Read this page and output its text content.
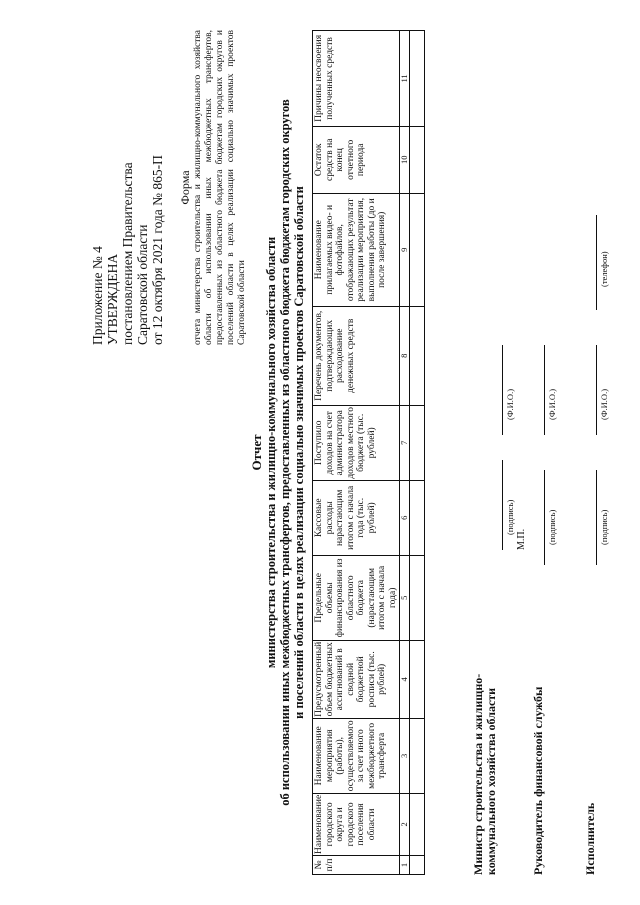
Приложение № 4 УТВЕРЖДЕНА постановлением Правительства Саратовской области от 12 октября 2021 года № 865-П Форма отчета министерства строительства и жилищно-коммунального хозяйства области об использовании иных межбюджетных трансфертов, предоставленных из областного бюджета бюджетам городских округов и поселений области в целях реализации социально значимых проектов Саратовской области
Отчет министерства строительства и жилищно-коммунального хозяйства области об использовании иных межбюджетных трансфертов, предоставленных из областного бюджета бюджетам городских округов и поселений области в целях реализации социально значимых проектов Саратовской области
№ п/п	Наименование городского округа и городского поселения области	Наименование мероприятия (работы), осуществляемого за счет иного межбюджетного трансферта	Предусмотренный объем бюджетных ассигнований в сводной бюджетной росписи (тыс. рублей)	Предельные объемы финансирования из областного бюджета (нарастающим итогом с начала года)	Кассовые расходы нарастающим итогом с начала года (тыс. рублей)	Поступило доходов на счет администратора доходов местного бюджета (тыс. рублей)	Перечень документов, подтверждающих расходование денежных средств	Наименование прилагаемых видео- и фотофайлов, отображающих результат реализации мероприятия, выполнения работы (до и после завершения)	Остаток средств на конец отчетного периода	Причины неосвоения полученных средств
1	2	3	4	5	6	7	8	9	10	11

Министр строительства и жилищно-коммунального хозяйства области
(подпись)
(Ф.И.О.)
М.П.
Руководитель финансовой службы
(подпись)
(Ф.И.О.)
Исполнитель
(подпись)
(Ф.И.О.)
(телефон)
